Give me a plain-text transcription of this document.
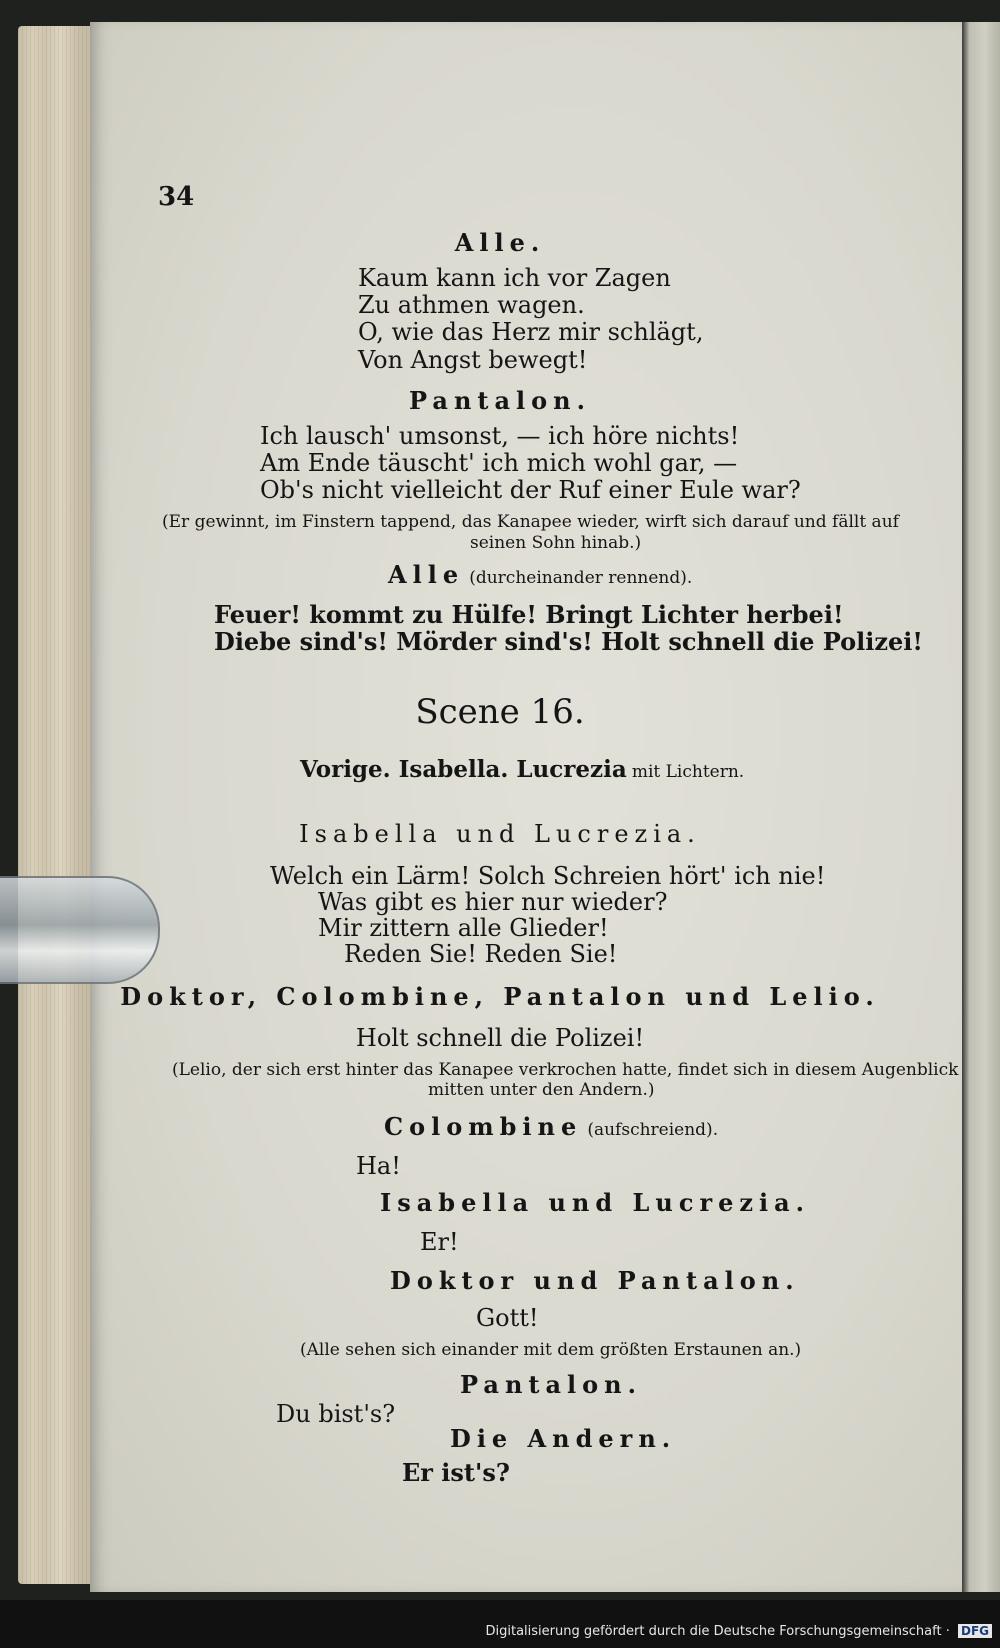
34
Alle.
Kaum kann ich vor Zagen
Zu athmen wagen.
O, wie das Herz mir schlägt,
Von Angst bewegt!
Pantalon.
Ich lausch' umsonst, — ich höre nichts!
Am Ende täuscht' ich mich wohl gar, —
Ob's nicht vielleicht der Ruf einer Eule war?
(Er gewinnt, im Finstern tappend, das Kanapee wieder, wirft sich darauf und fällt auf
seinen Sohn hinab.)
Alle (durcheinander rennend).
Feuer! kommt zu Hülfe! Bringt Lichter herbei!
Diebe sind's! Mörder sind's! Holt schnell die Polizei!
Scene 16.
Vorige. Isabella. Lucrezia mit Lichtern.
Isabella und Lucrezia.
Welch ein Lärm! Solch Schreien hört' ich nie!
Was gibt es hier nur wieder?
Mir zittern alle Glieder!
Reden Sie! Reden Sie!
Doktor, Colombine, Pantalon und Lelio.
Holt schnell die Polizei!
(Lelio, der sich erst hinter das Kanapee verkrochen hatte, findet sich in diesem Augenblick
mitten unter den Andern.)
Colombine (aufschreiend).
Ha!
Isabella und Lucrezia.
Er!
Doktor und Pantalon.
Gott!
(Alle sehen sich einander mit dem größten Erstaunen an.)
Pantalon.
Du bist's?
Die Andern.
Er ist's?
Digitalisierung gefördert durch die Deutsche Forschungsgemeinschaft · DFG
